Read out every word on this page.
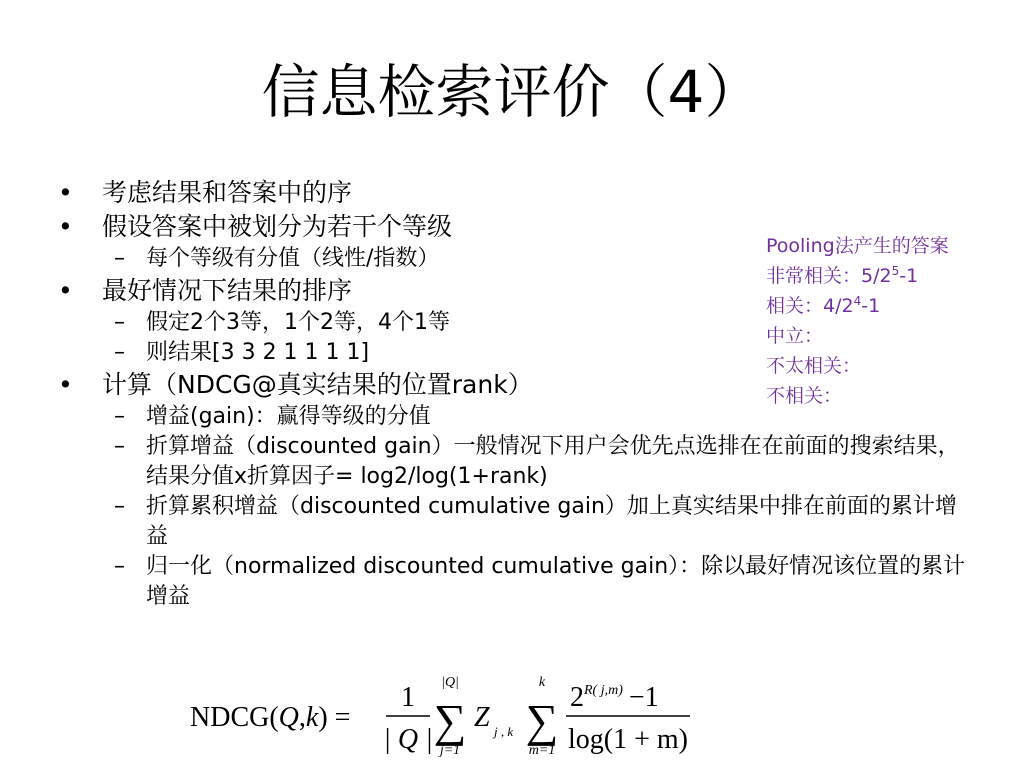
信息检索评价（4）
•	考虑结果和答案中的序
•	假设答案中被划分为若干个等级
– 每个等级有分值（线性/指数）
•	最好情况下结果的排序
– 假定2个3等，1个2等，4个1等
– 则结果[3 3 2 1 1 1 1]
•	计算（NDCG@真实结果的位置rank）
– 增益(gain)：赢得等级的分值
– 折算增益（discounted gain）一般情况下用户会优先点选排在在前面的搜索结果，结果分值x折算因子= log2/log(1+rank)
– 折算累积增益（discounted cumulative gain）加上真实结果中排在前面的累计增益
– 归一化（normalized discounted cumulative gain）：除以最好情况该位置的累计增益
Pooling法产生的答案
非常相关：$5/2^5-1$
相关：$4/2^4-1$
中立：
不太相关：
不相关：
NDCG(Q,k) =
1
| Q |
|Q|
∑
j=1
Z j , k
k
∑
m=1
$2^{R( j,m)} -1$
log(1 + m)
